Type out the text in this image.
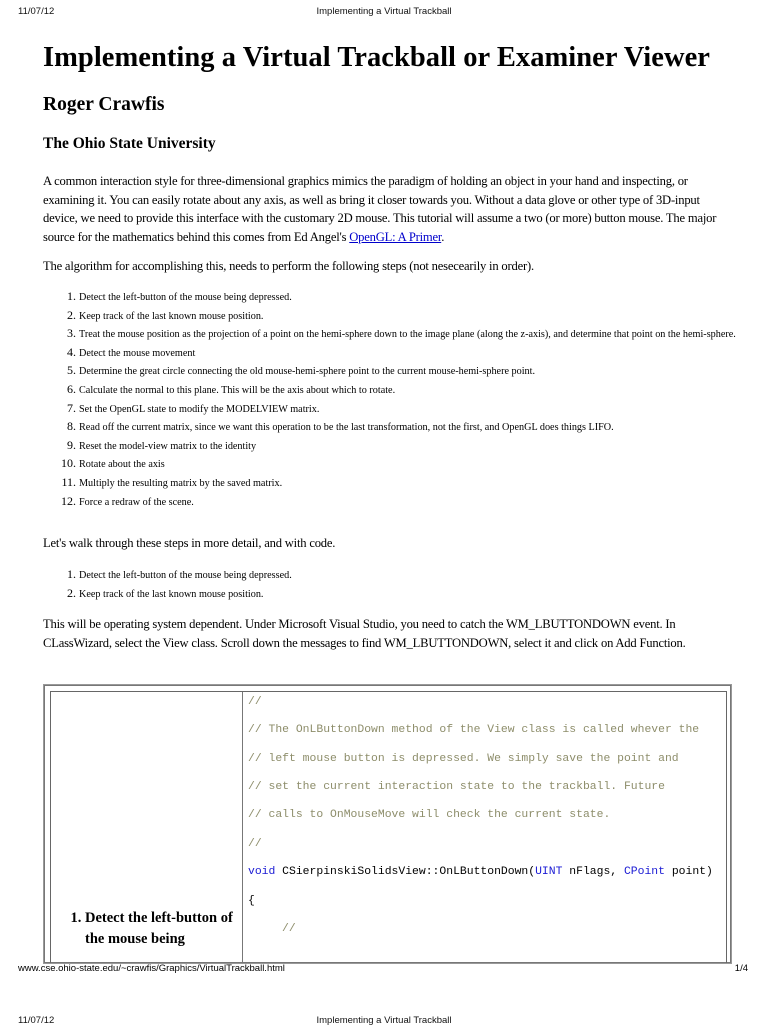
11/07/12	Implementing a Virtual Trackball
Implementing a Virtual Trackball or Examiner Viewer
Roger Crawfis
The Ohio State University

A common interaction style for three-dimensional graphics mimics the paradigm of holding an object in your hand and inspecting, or examining it. You can easily rotate about any axis, as well as bring it closer towards you. Without a data glove or other type of 3D-input device, we need to provide this interface with the customary 2D mouse. This tutorial will assume a two (or more) button mouse. The major source for the mathematics behind this comes from Ed Angel's OpenGL: A Primer.

The algorithm for accomplishing this, needs to perform the following steps (not nesecearily in order).

1. Detect the left-button of the mouse being depressed.
2. Keep track of the last known mouse position.
3. Treat the mouse position as the projection of a point on the hemi-sphere down to the image plane (along the z-axis), and determine that point on the hemi-sphere.
4. Detect the mouse movement
5. Determine the great circle connecting the old mouse-hemi-sphere point to the current mouse-hemi-sphere point.
6. Calculate the normal to this plane. This will be the axis about which to rotate.
7. Set the OpenGL state to modify the MODELVIEW matrix.
8. Read off the current matrix, since we want this operation to be the last transformation, not the first, and OpenGL does things LIFO.
9. Reset the model-view matrix to the identity
10. Rotate about the axis
11. Multiply the resulting matrix by the saved matrix.
12. Force a redraw of the scene.

Let's walk through these steps in more detail, and with code.

1. Detect the left-button of the mouse being depressed.
2. Keep track of the last known mouse position.

This will be operating system dependent. Under Microsoft Visual Studio, you need to catch the WM_LBUTTONDOWN event. In CLassWizard, select the View class. Scroll down the messages to find WM_LBUTTONDOWN, select it and click on Add Function.

1. Detect the left-button of the mouse being
//
// The OnLButtonDown method of the View class is called whever the
// left mouse button is depressed. We simply save the point and
// set the current interaction state to the trackball. Future
// calls to OnMouseMove will check the current state.
//
void CSierpinskiSolidsView::OnLButtonDown(UINT nFlags, CPoint point)
{
//
www.cse.ohio-state.edu/~crawfis/Graphics/VirtualTrackball.html	1/4
11/07/12	Implementing a Virtual Trackball
